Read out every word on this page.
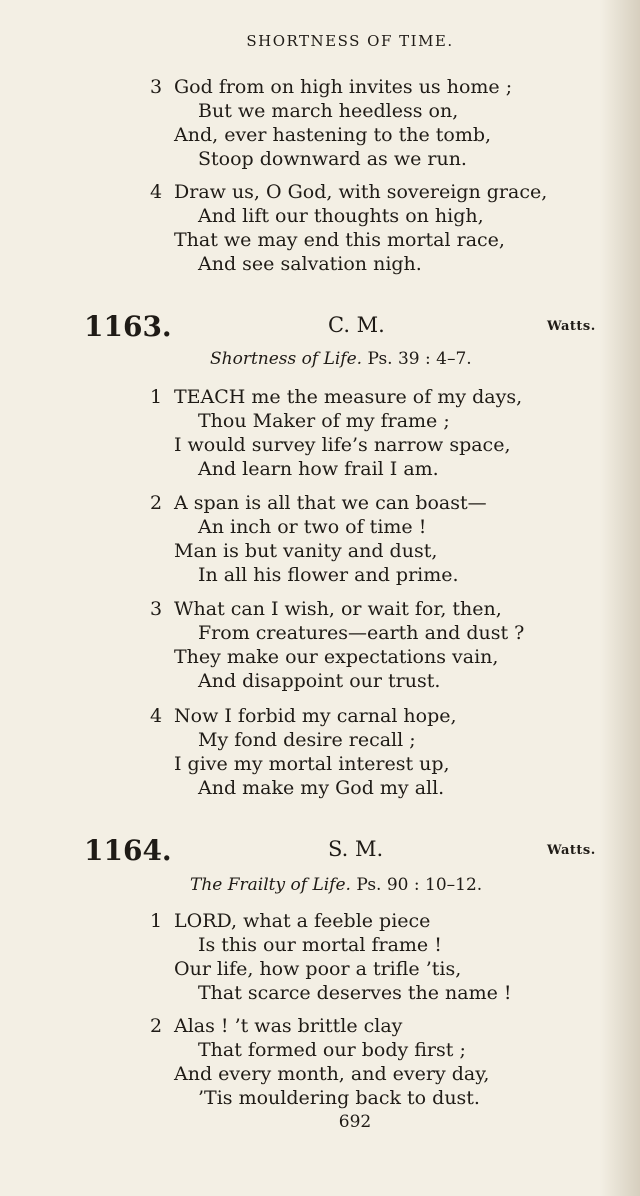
SHORTNESS OF TIME.
3 God from on high invites us home ;
But we march heedless on,
And, ever hastening to the tomb,
Stoop downward as we run.
4 Draw us, O God, with sovereign grace,
And lift our thoughts on high,
That we may end this mortal race,
And see salvation nigh.
1163.	C. M.	Watts.
Shortness of Life. Ps. 39 : 4–7.
1 TEACH me the measure of my days,
Thou Maker of my frame ;
I would survey life’s narrow space,
And learn how frail I am.
2 A span is all that we can boast—
An inch or two of time !
Man is but vanity and dust,
In all his flower and prime.
3 What can I wish, or wait for, then,
From creatures—earth and dust ?
They make our expectations vain,
And disappoint our trust.
4 Now I forbid my carnal hope,
My fond desire recall ;
I give my mortal interest up,
And make my God my all.
1164.	S. M.	Watts.
The Frailty of Life. Ps. 90 : 10–12.
1 LORD, what a feeble piece
Is this our mortal frame !
Our life, how poor a trifle ’tis,
That scarce deserves the name !
2 Alas ! ’t was brittle clay
That formed our body first ;
And every month, and every day,
’Tis mouldering back to dust.
692
